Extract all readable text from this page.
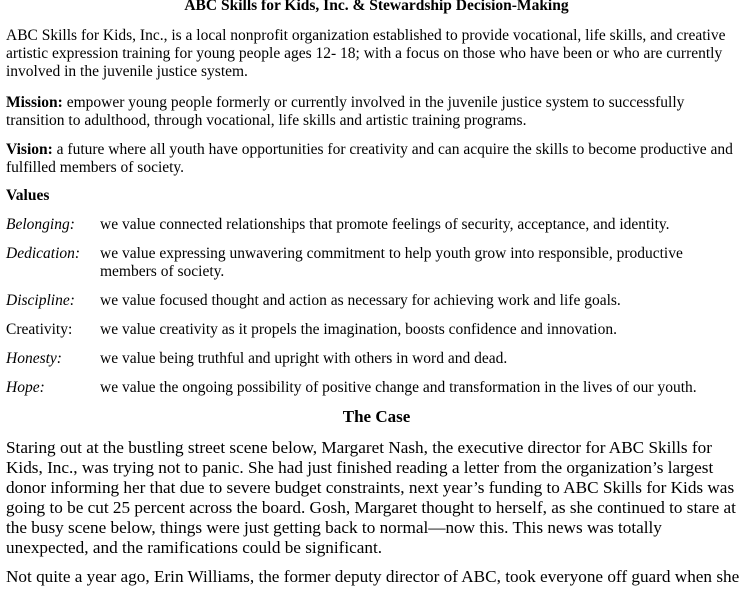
ABC Skills for Kids, Inc. & Stewardship Decision-Making

ABC Skills for Kids, Inc., is a local nonprofit organization established to provide vocational, life skills, and creative artistic expression training for young people ages 12- 18; with a focus on those who have been or who are currently involved in the juvenile justice system.

Mission: empower young people formerly or currently involved in the juvenile justice system to successfully transition to adulthood, through vocational, life skills and artistic training programs.

Vision: a future where all youth have opportunities for creativity and can acquire the skills to become productive and fulfilled members of society.

Values
Belonging:	we value connected relationships that promote feelings of security, acceptance, and identity.
Dedication:	we value expressing unwavering commitment to help youth grow into responsible, productive members of society.
Discipline:	we value focused thought and action as necessary for achieving work and life goals.
Creativity:	we value creativity as it propels the imagination, boosts confidence and innovation.
Honesty:	we value being truthful and upright with others in word and dead.
Hope:	we value the ongoing possibility of positive change and transformation in the lives of our youth.
The Case

Staring out at the bustling street scene below, Margaret Nash, the executive director for ABC Skills for Kids, Inc., was trying not to panic. She had just finished reading a letter from the organization’s largest donor informing her that due to severe budget constraints, next year’s funding to ABC Skills for Kids was going to be cut 25 percent across the board. Gosh, Margaret thought to herself, as she continued to stare at the busy scene below, things were just getting back to normal—now this. This news was totally unexpected, and the ramifications could be significant.

Not quite a year ago, Erin Williams, the former deputy director of ABC, took everyone off guard when she
